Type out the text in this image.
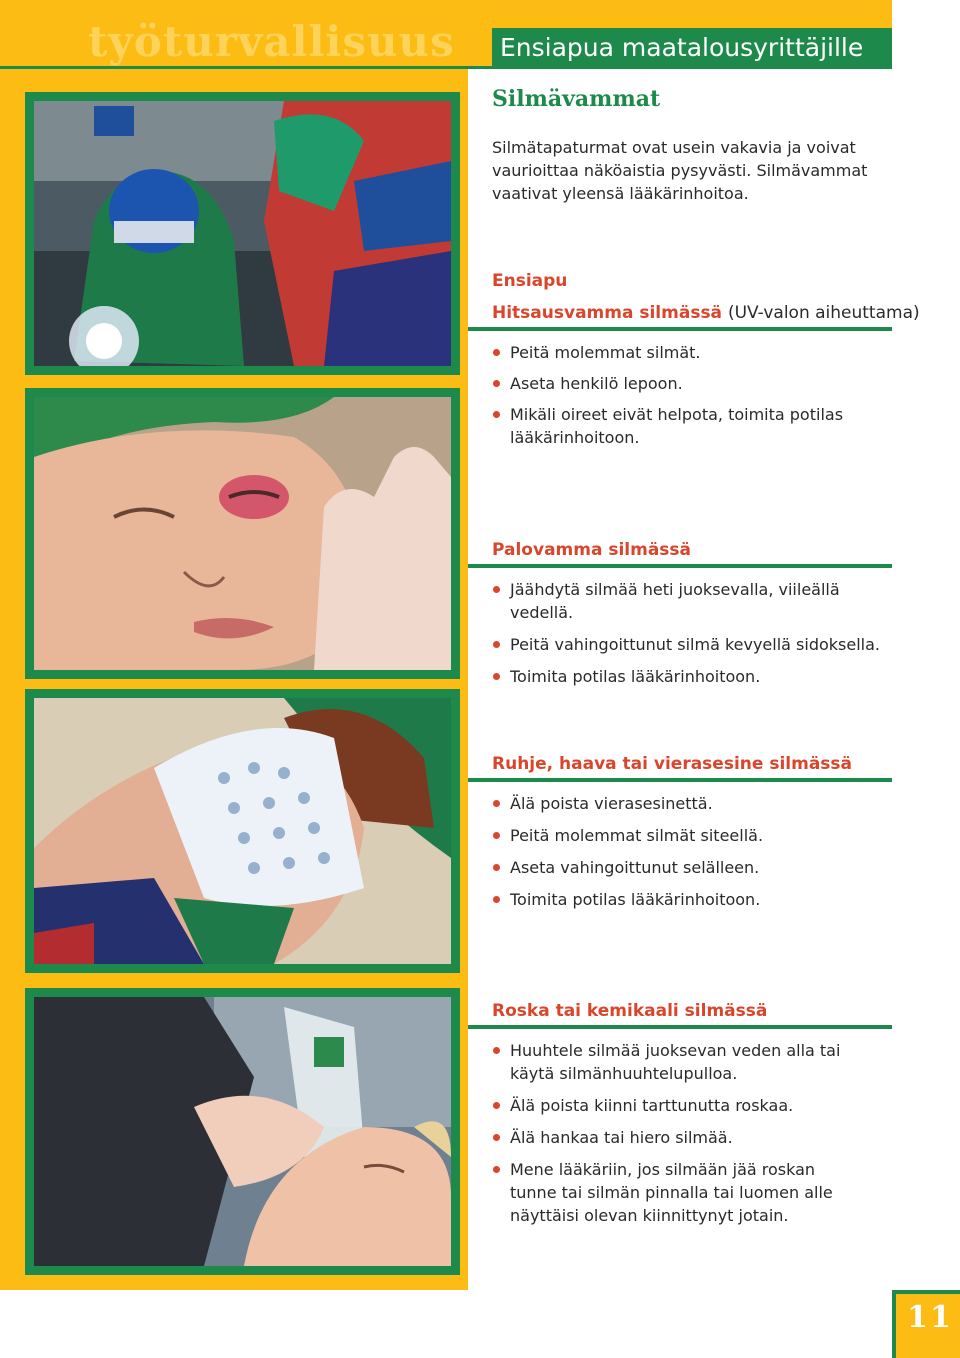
työturvallisuus Ensiapua maatalousyrittäjille
Silmävammat
Silmätapaturmat ovat usein vakavia ja voivat vaurioittaa näköaistia pysyvästi. Silmävammat vaativat yleensä lääkärinhoitoa.
Ensiapu
Hitsausvamma silmässä (UV-valon aiheuttama)
Peitä molemmat silmät.
Aseta henkilö lepoon.
Mikäli oireet eivät helpota, toimita potilas lääkärinhoitoon.
Palovamma silmässä
Jäähdytä silmää heti juoksevalla, viileällä vedellä.
Peitä vahingoittunut silmä kevyellä sidoksella.
Toimita potilas lääkärinhoitoon.
Ruhje, haava tai vierasesine silmässä
Älä poista vierasesinettä.
Peitä molemmat silmät siteellä.
Aseta vahingoittunut selälleen.
Toimita potilas lääkärinhoitoon.
Roska tai kemikaali silmässä
Huuhtele silmää juoksevan veden alla tai käytä silmänhuuhtelupulloa.
Älä poista kiinni tarttunutta roskaa.
Älä hankaa tai hiero silmää.
Mene lääkäriin, jos silmään jää roskan tunne tai silmän pinnalla tai luomen alle näyttäisi olevan kiinnittynyt jotain.
11
